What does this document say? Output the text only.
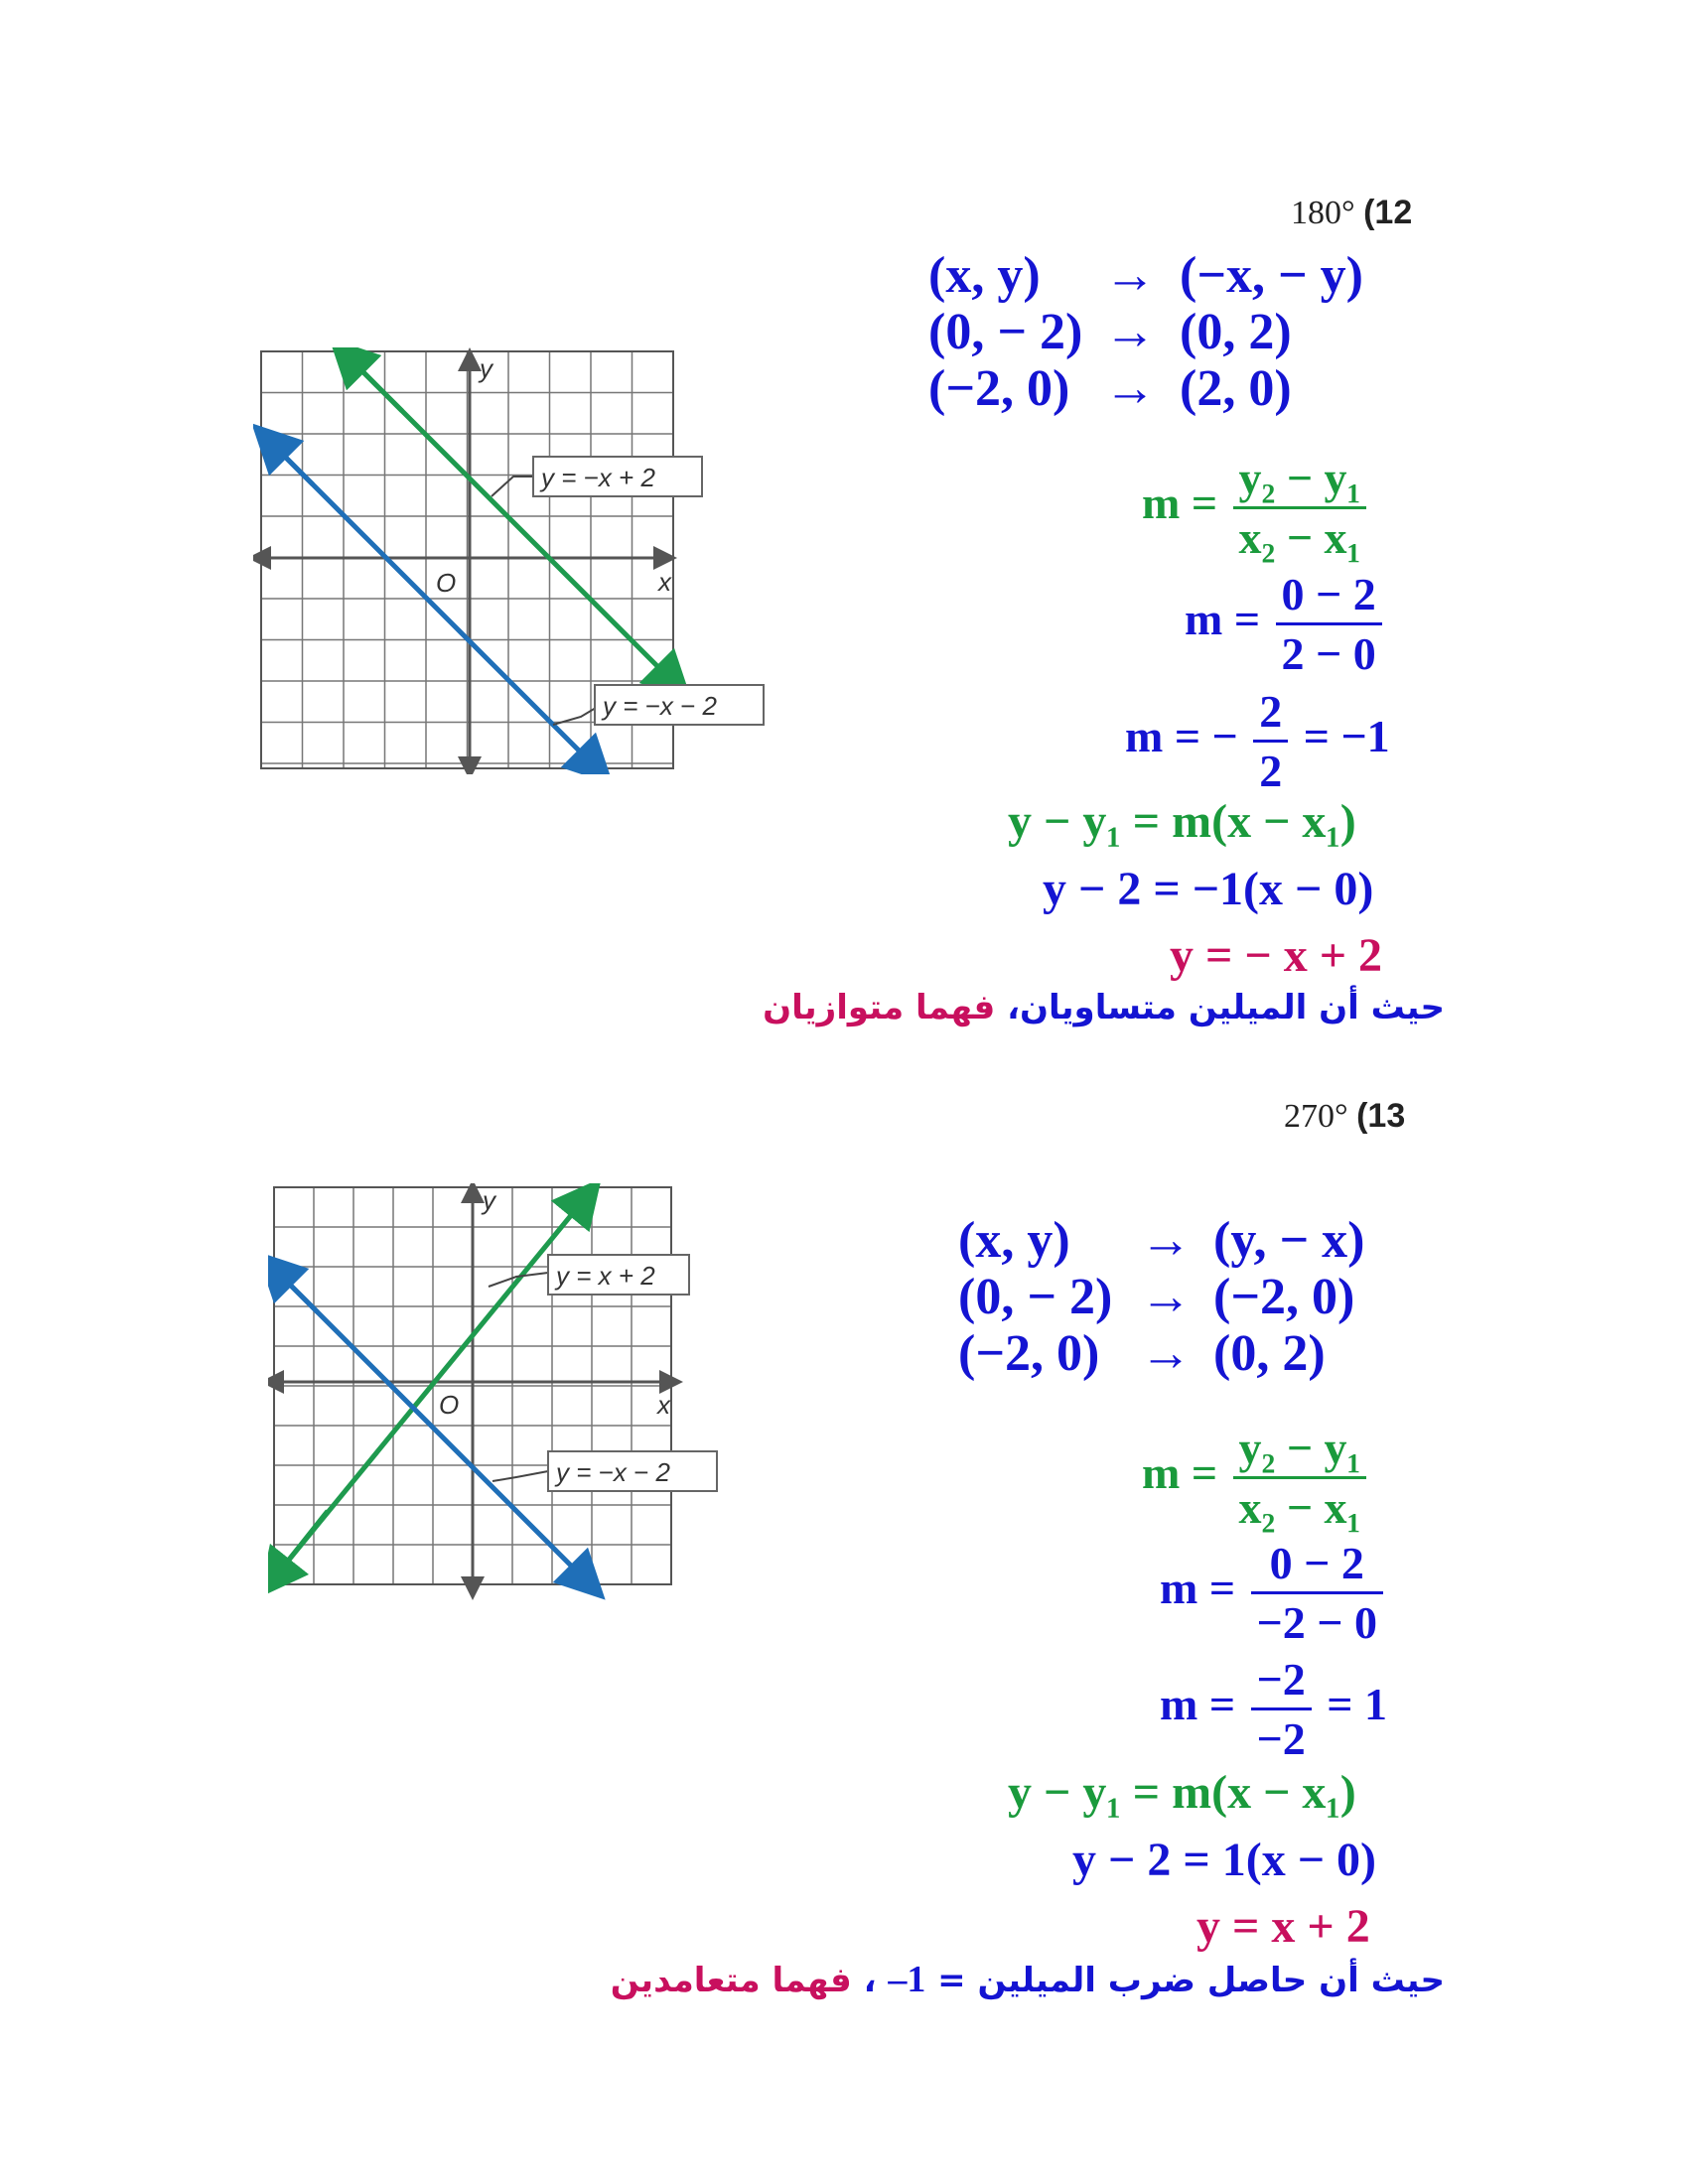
180° (12
(x, y) → (−x, − y)
(0, − 2) → (0, 2)
(−2, 0) → (2, 0)
$m = \frac{\text{y₂ − y₁}}{\text{x₂ − x₁}}$
$m = \frac{0 - 2}{2 - 0}$
m = − $\frac{2}{2} = -1$
y − y₁ = m(x − x₁)
y − 2 = −1(x − 0)
y = − x + 2
حيث أن الميلين متساويان، فهما متوازيان
y
x
O
y = −x + 2
y = −x − 2
270° (13
(x, y) → (y, − x)
(0, − 2) → (−2, 0)
(−2, 0) → (0, 2)
$m = \frac{\text{y₂ − y₁}}{\text{x₂ − x₁}}$
$m = \frac{0 - 2}{-2 - 0}$
$m = \frac{-2}{-2} = 1$
y − y₁ = m(x − x₁)
y − 2 = 1(x − 0)
y = x + 2
حيث أن حاصل ضرب الميلين = 1– ، فهما متعامدين
y
x
O
y = x + 2
y = −x − 2
